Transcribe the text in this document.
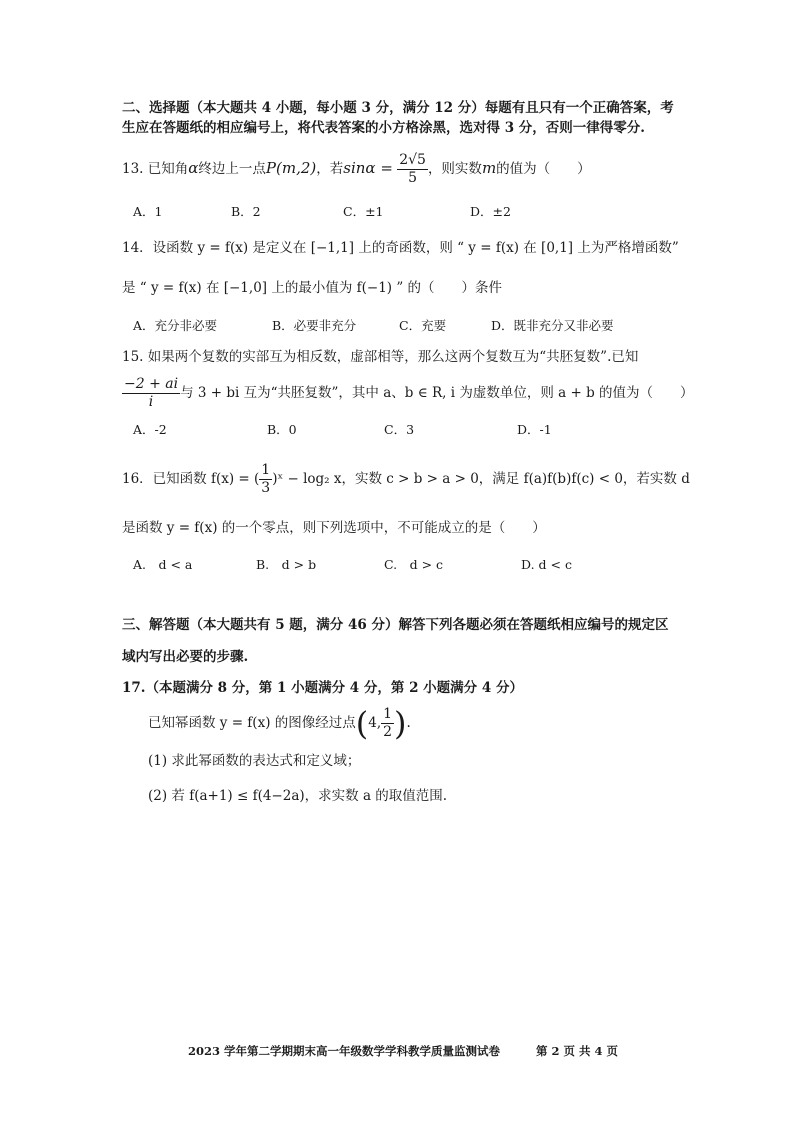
二、选择题（本大题共 4 小题，每小题 3 分，满分 12 分）每题有且只有一个正确答案，考
生应在答题纸的相应编号上，将代表答案的小方格涂黑，选对得 3 分，否则一律得零分.
13. 已知角α终边上一点P(m,2)，若$\sin\alpha = \frac{2√5}{5}$ ，则实数m的值为（　　）
A．1	B．2	C．±1	D．±2
14．设函数 y = f(x) 是定义在 [−1,1] 上的奇函数，则 “ y = f(x) 在 [0,1] 上为严格增函数”
是 “ y = f(x) 在 [−1,0] 上的最小值为 f(−1) ” 的（　　）条件
A．充分非必要	B．必要非充分	C．充要	D．既非充分又非必要
15. 如果两个复数的实部互为相反数，虚部相等，那么这两个复数互为“共胚复数”.已知
$\frac{-2 + ai}{i}$ 与 3 + bi 互为“共胚复数”，其中 a、b ∈ R, i 为虚数单位，则 a + b 的值为（　　）
A．-2	B．0	C．3	D．-1
16．已知函数 f(x) = ( $\frac{1}{3}$ )ˣ − log₂ x，实数 c > b > a > 0，满足 f(a)f(b)f(c) < 0，若实数 d
是函数 y = f(x) 的一个零点，则下列选项中，不可能成立的是（　　）
A.　d < a	B.　d > b	C.　d > c	D. d < c
三、解答题（本大题共有 5 题，满分 46 分）解答下列各题必须在答题纸相应编号的规定区
域内写出必要的步骤.
17.（本题满分 8 分，第 1 小题满分 4 分，第 2 小题满分 4 分）
已知幂函数 y = f(x) 的图像经过点(4, $\frac{1}{2}$ ).
(1) 求此幂函数的表达式和定义域；
(2) 若 f(a+1) ≤ f(4−2a)，求实数 a 的取值范围.
2023 学年第二学期期末高一年级数学学科教学质量监测试卷	第 2 页 共 4 页
